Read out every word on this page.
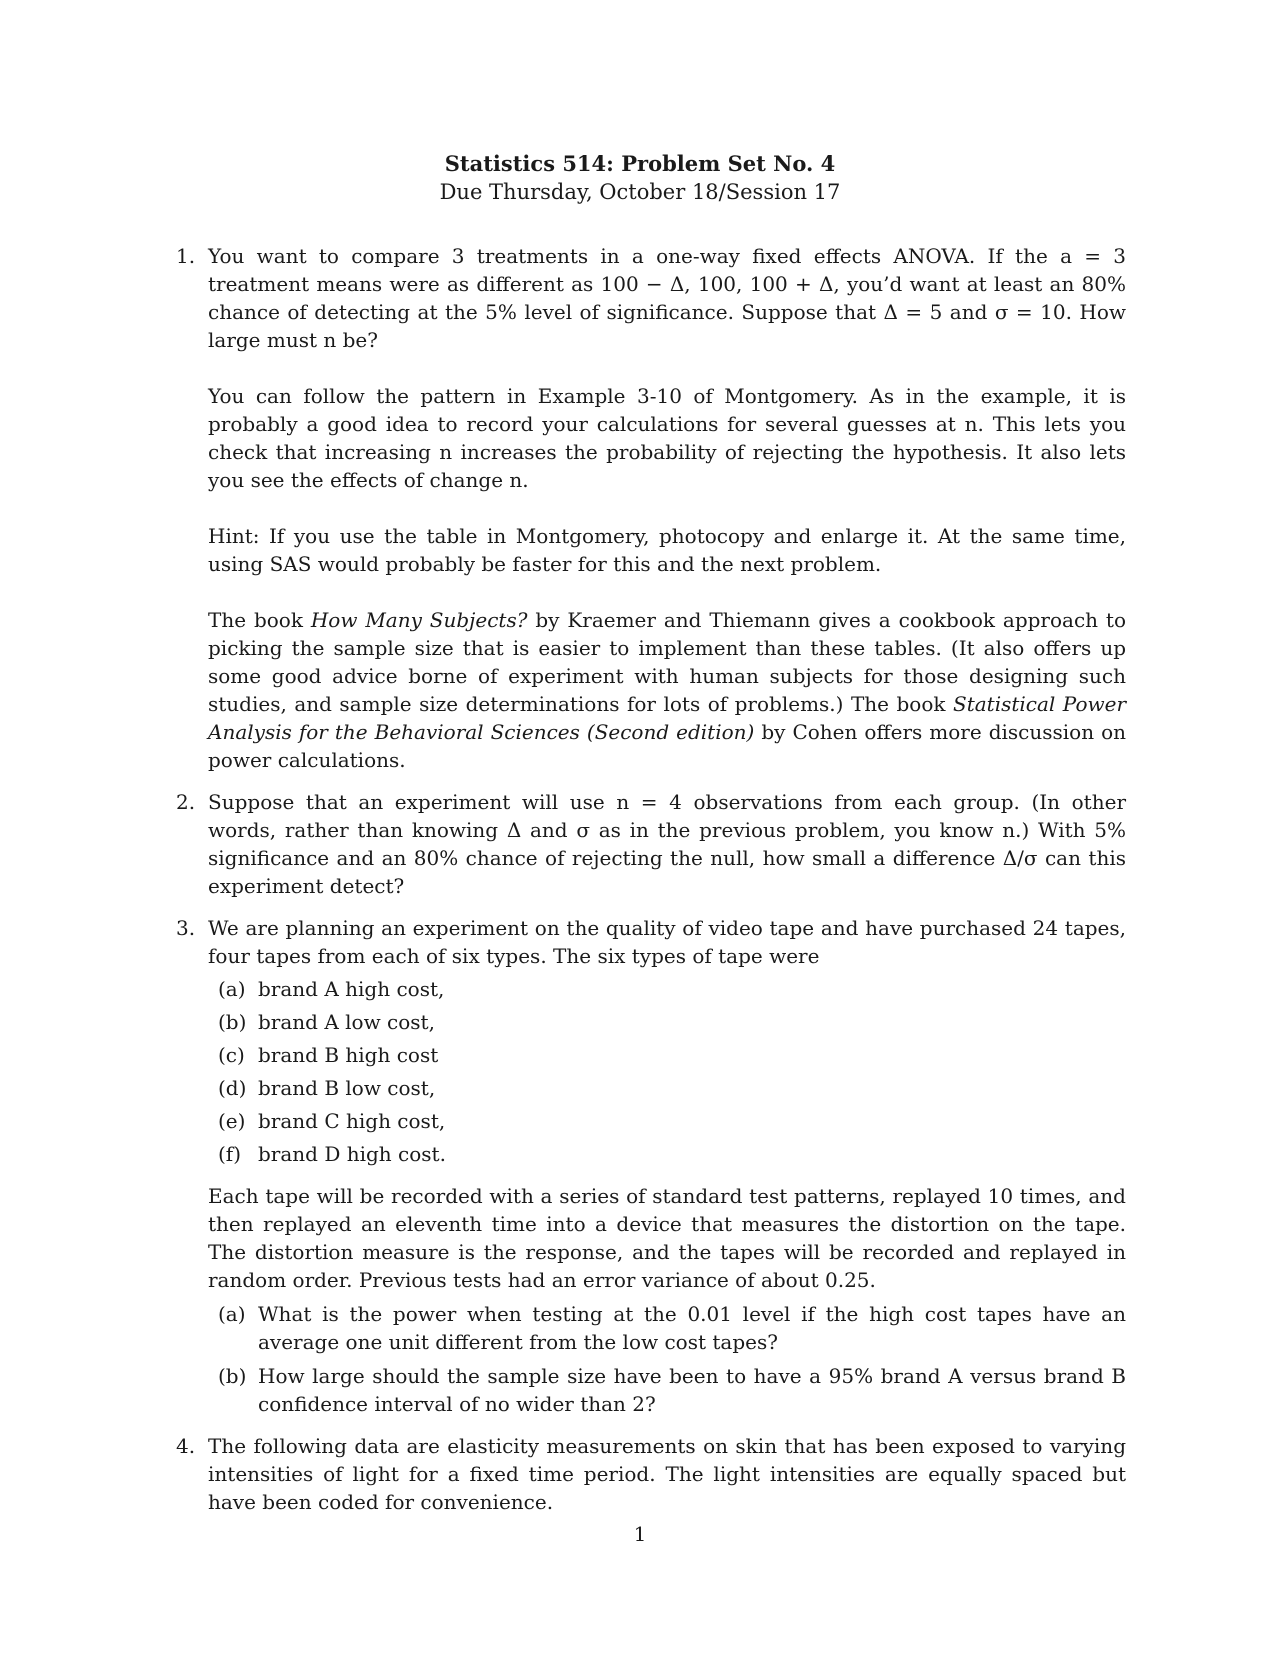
Statistics 514: Problem Set No. 4
Due Thursday, October 18/Session 17
1. You want to compare 3 treatments in a one-way fixed effects ANOVA. If the a = 3 treatment means were as different as 100 − Δ, 100, 100 + Δ, you’d want at least an 80% chance of detecting at the 5% level of significance. Suppose that Δ = 5 and σ = 10. How large must n be?

You can follow the pattern in Example 3-10 of Montgomery. As in the example, it is probably a good idea to record your calculations for several guesses at n. This lets you check that increasing n increases the probability of rejecting the hypothesis. It also lets you see the effects of change n.

Hint: If you use the table in Montgomery, photocopy and enlarge it. At the same time, using SAS would probably be faster for this and the next problem.

The book How Many Subjects? by Kraemer and Thiemann gives a cookbook approach to picking the sample size that is easier to implement than these tables. (It also offers up some good advice borne of experiment with human subjects for those designing such studies, and sample size determinations for lots of problems.) The book Statistical Power Analysis for the Behavioral Sciences (Second edition) by Cohen offers more discussion on power calculations.

2. Suppose that an experiment will use n = 4 observations from each group. (In other words, rather than knowing Δ and σ as in the previous problem, you know n.) With 5% significance and an 80% chance of rejecting the null, how small a difference Δ/σ can this experiment detect?

3. We are planning an experiment on the quality of video tape and have purchased 24 tapes, four tapes from each of six types. The six types of tape were

(a) brand A high cost,
(b) brand A low cost,
(c) brand B high cost
(d) brand B low cost,
(e) brand C high cost,
(f) brand D high cost.

Each tape will be recorded with a series of standard test patterns, replayed 10 times, and then replayed an eleventh time into a device that measures the distortion on the tape. The distortion measure is the response, and the tapes will be recorded and replayed in random order. Previous tests had an error variance of about 0.25.

(a) What is the power when testing at the 0.01 level if the high cost tapes have an average one unit different from the low cost tapes?
(b) How large should the sample size have been to have a 95% brand A versus brand B confidence interval of no wider than 2?
4. The following data are elasticity measurements on skin that has been exposed to varying intensities of light for a fixed time period. The light intensities are equally spaced but have been coded for convenience.

1
